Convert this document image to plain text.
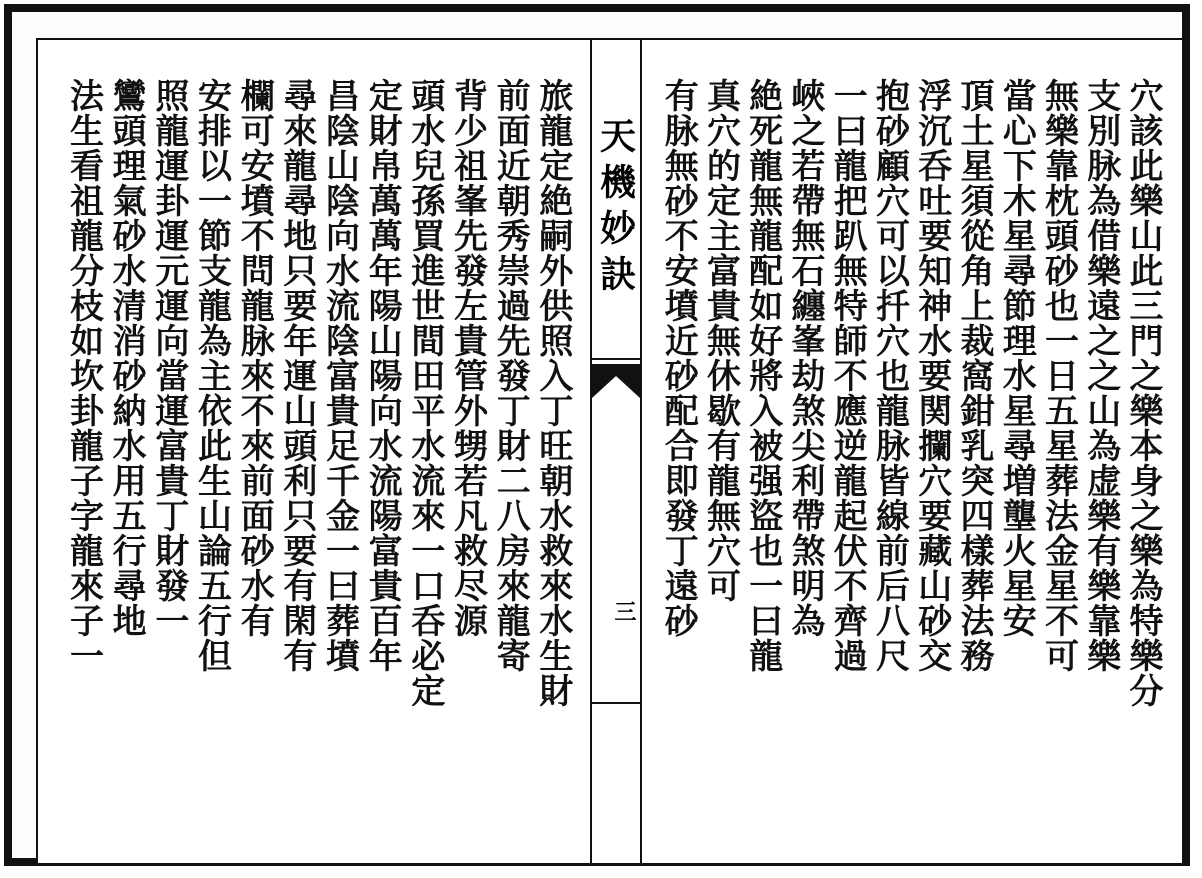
旅龍定絶嗣外供照入丁旺朝水救來水生財
前面近朝秀崇過先發丁財二八房來龍寄
背少祖峯先發左貴管外甥若凡救尽源
頭水兒孫買進世間田平水流來一口呑必定
定財帛萬萬年陽山陽向水流陽富貴百年
昌陰山陰向水流陰富貴足千金一曰葬墳
尋來龍尋地只要年運山頭利只要有閑有
欄可安墳不問龍脉來不來前面砂水有
安排以一節支龍為主依此生山論五行但
照龍運卦運元運向當運富貴丁財發一
鸞頭理氣砂水清消砂納水用五行尋地
法生看祖龍分枝如坎卦龍子字龍來子一	天機妙訣
三	穴該此樂山此三門之樂本身之樂為特樂分
支別脉為借樂遠之之山為虚樂有樂靠樂
無樂靠枕頭砂也一日五星葬法金星不可
當心下木星尋節理水星尋増壟火星安
頂土星須從角上裁窩鉗乳突四樣葬法務
浮沉呑吐要知神水要関攔穴要藏山砂交
抱砂顧穴可以扦穴也龍脉皆線前后八尺
一曰龍把趴無特師不應逆龍起伏不齊過
峽之若帶無石纏峯劫煞尖利帶煞明為
絶死龍無龍配如好將入被强盜也一曰龍
真穴的定主富貴無休歇有龍無穴可
有脉無砂不安墳近砂配合即發丁遠砂
